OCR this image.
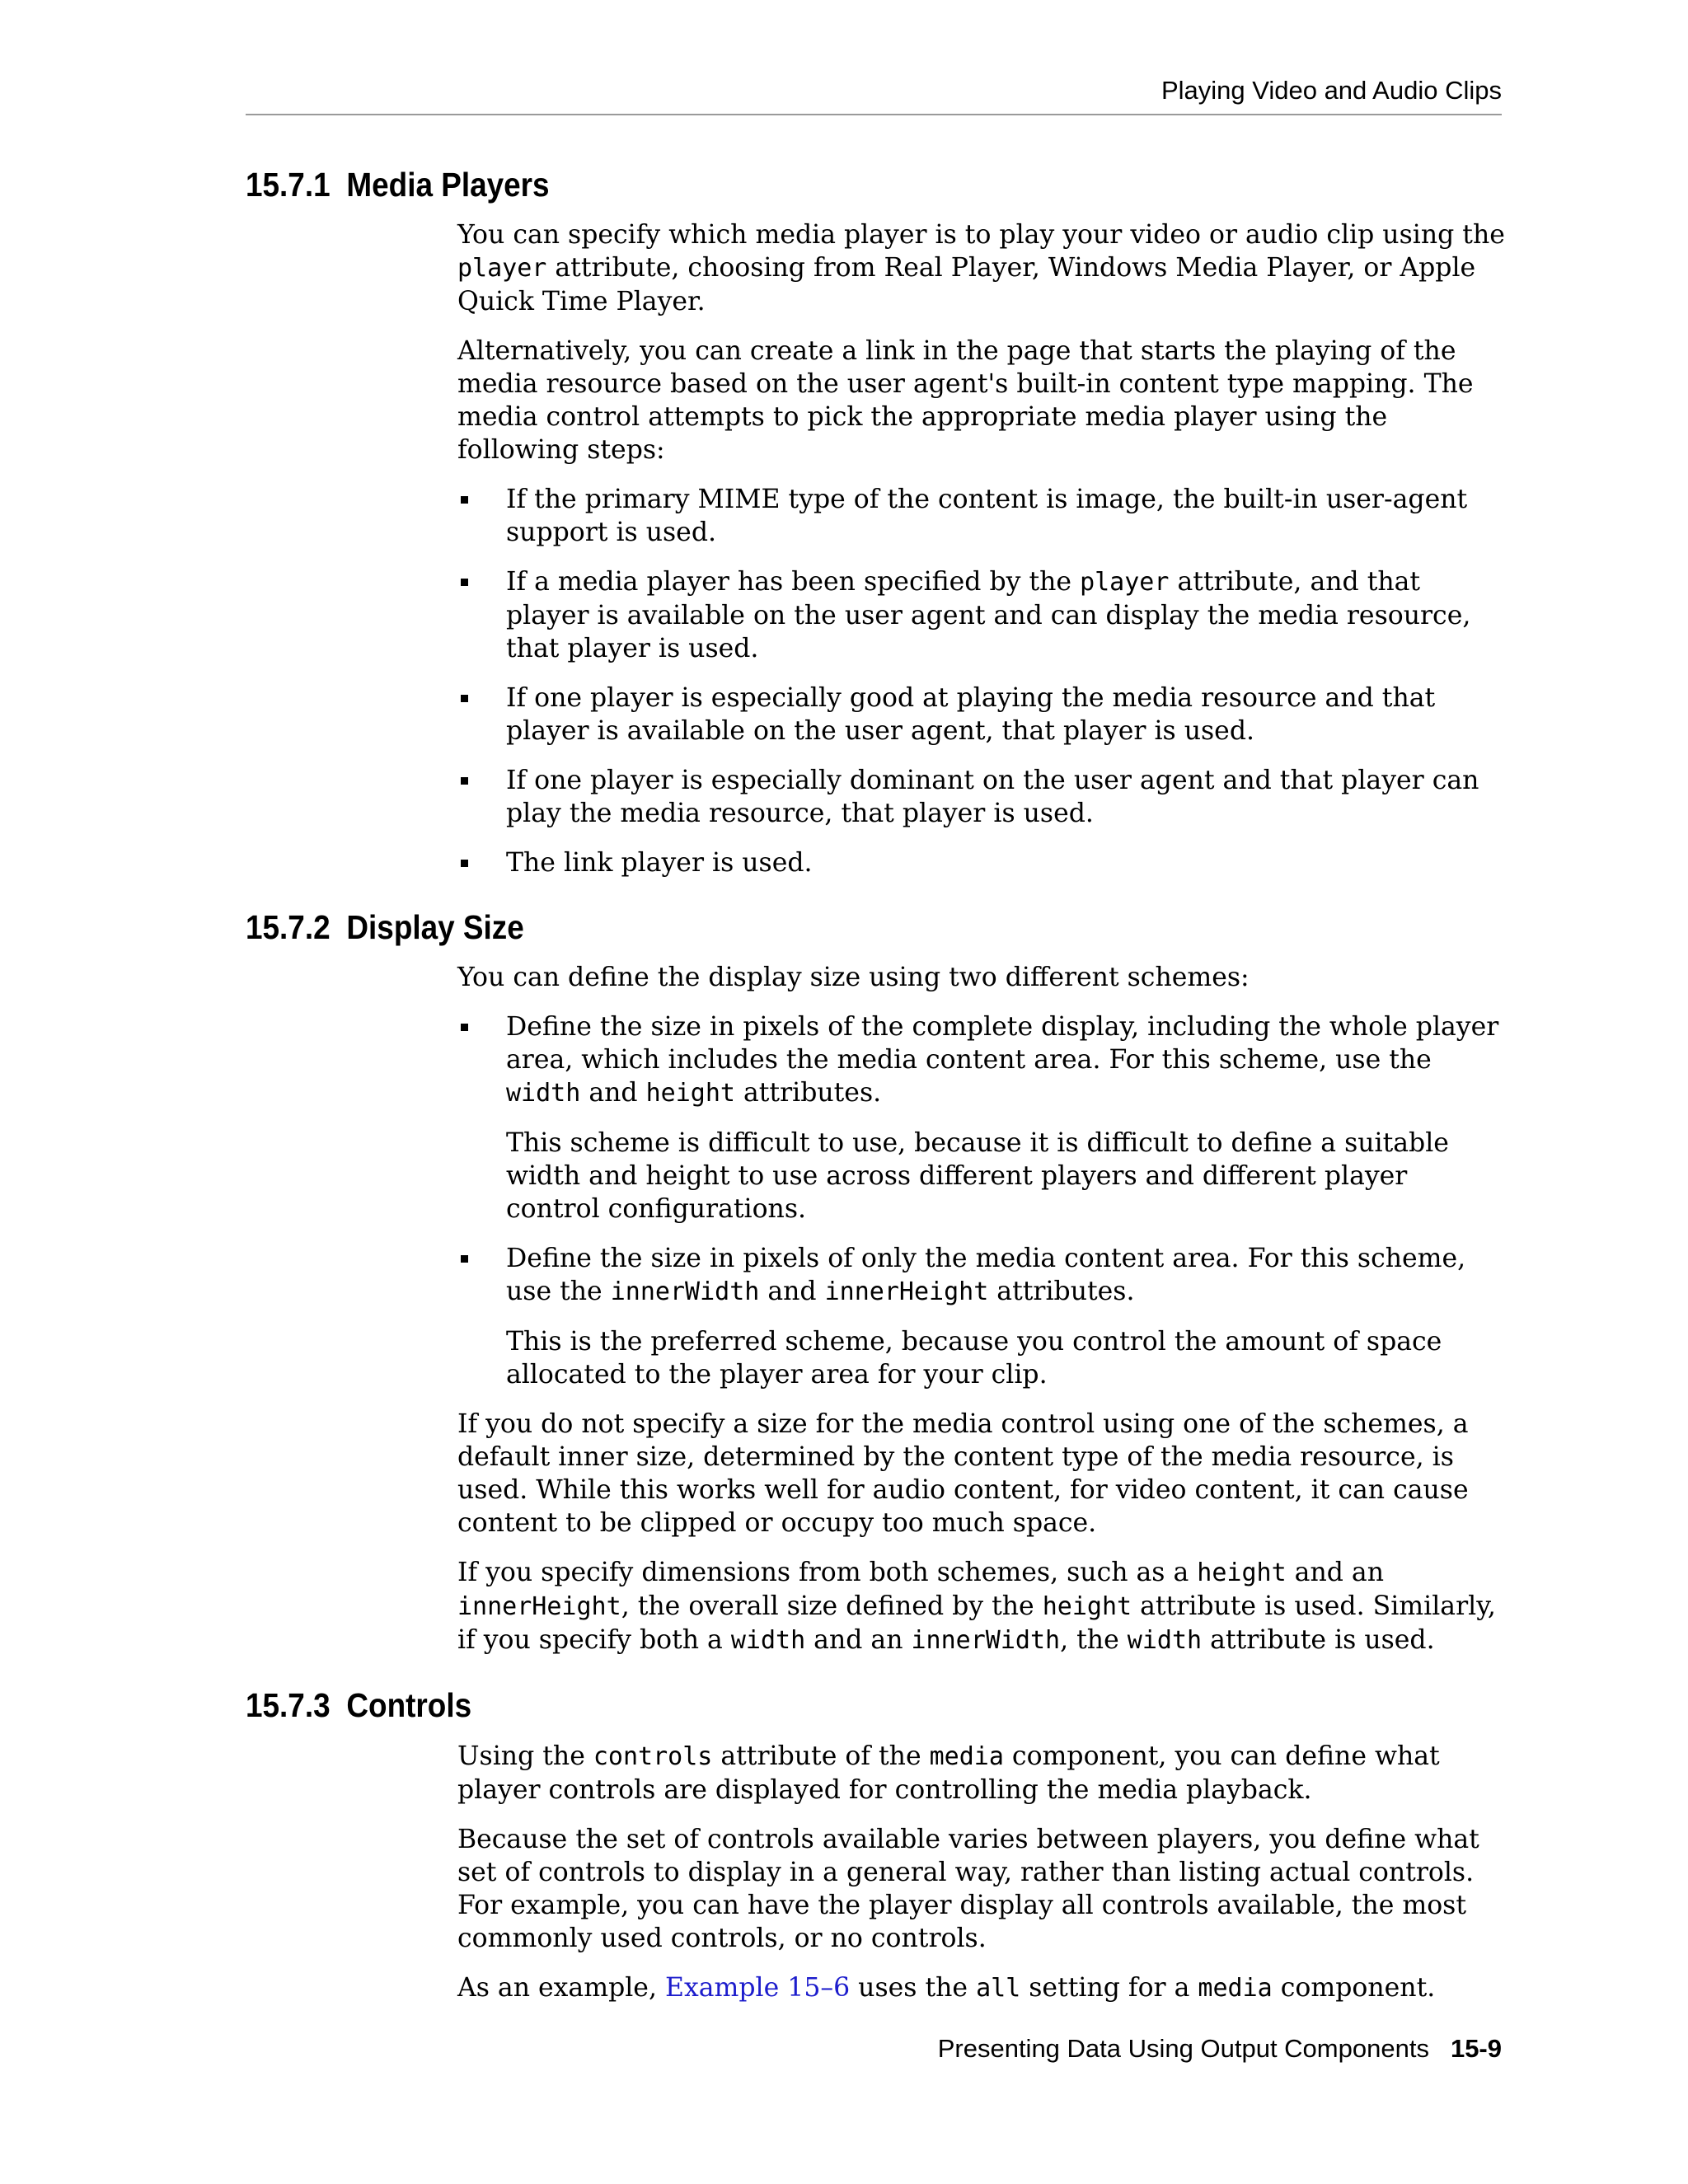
Playing Video and Audio Clips
15.7.1 Media Players

You can specify which media player is to play your video or audio clip using the player attribute, choosing from Real Player, Windows Media Player, or Apple Quick Time Player.

Alternatively, you can create a link in the page that starts the playing of the media resource based on the user agent's built-in content type mapping. The media control attempts to pick the appropriate media player using the following steps:

If the primary MIME type of the content is image, the built-in user-agent support is used.
If a media player has been specified by the player attribute, and that player is available on the user agent and can display the media resource, that player is used.
If one player is especially good at playing the media resource and that player is available on the user agent, that player is used.
If one player is especially dominant on the user agent and that player can play the media resource, that player is used.
The link player is used.
15.7.2 Display Size

You can define the display size using two different schemes:

Define the size in pixels of the complete display, including the whole player area, which includes the media content area. For this scheme, use the width and height attributes.

This scheme is difficult to use, because it is difficult to define a suitable width and height to use across different players and different player control configurations.

Define the size in pixels of only the media content area. For this scheme, use the innerWidth and innerHeight attributes.

This is the preferred scheme, because you control the amount of space allocated to the player area for your clip.

If you do not specify a size for the media control using one of the schemes, a default inner size, determined by the content type of the media resource, is used. While this works well for audio content, for video content, it can cause content to be clipped or occupy too much space.

If you specify dimensions from both schemes, such as a height and an innerHeight, the overall size defined by the height attribute is used. Similarly, if you specify both a width and an innerWidth, the width attribute is used.

15.7.3 Controls

Using the controls attribute of the media component, you can define what player controls are displayed for controlling the media playback.

Because the set of controls available varies between players, you define what set of controls to display in a general way, rather than listing actual controls. For example, you can have the player display all controls available, the most commonly used controls, or no controls.

As an example, Example 15–6 uses the all setting for a media component.

Presenting Data Using Output Components 15-9
